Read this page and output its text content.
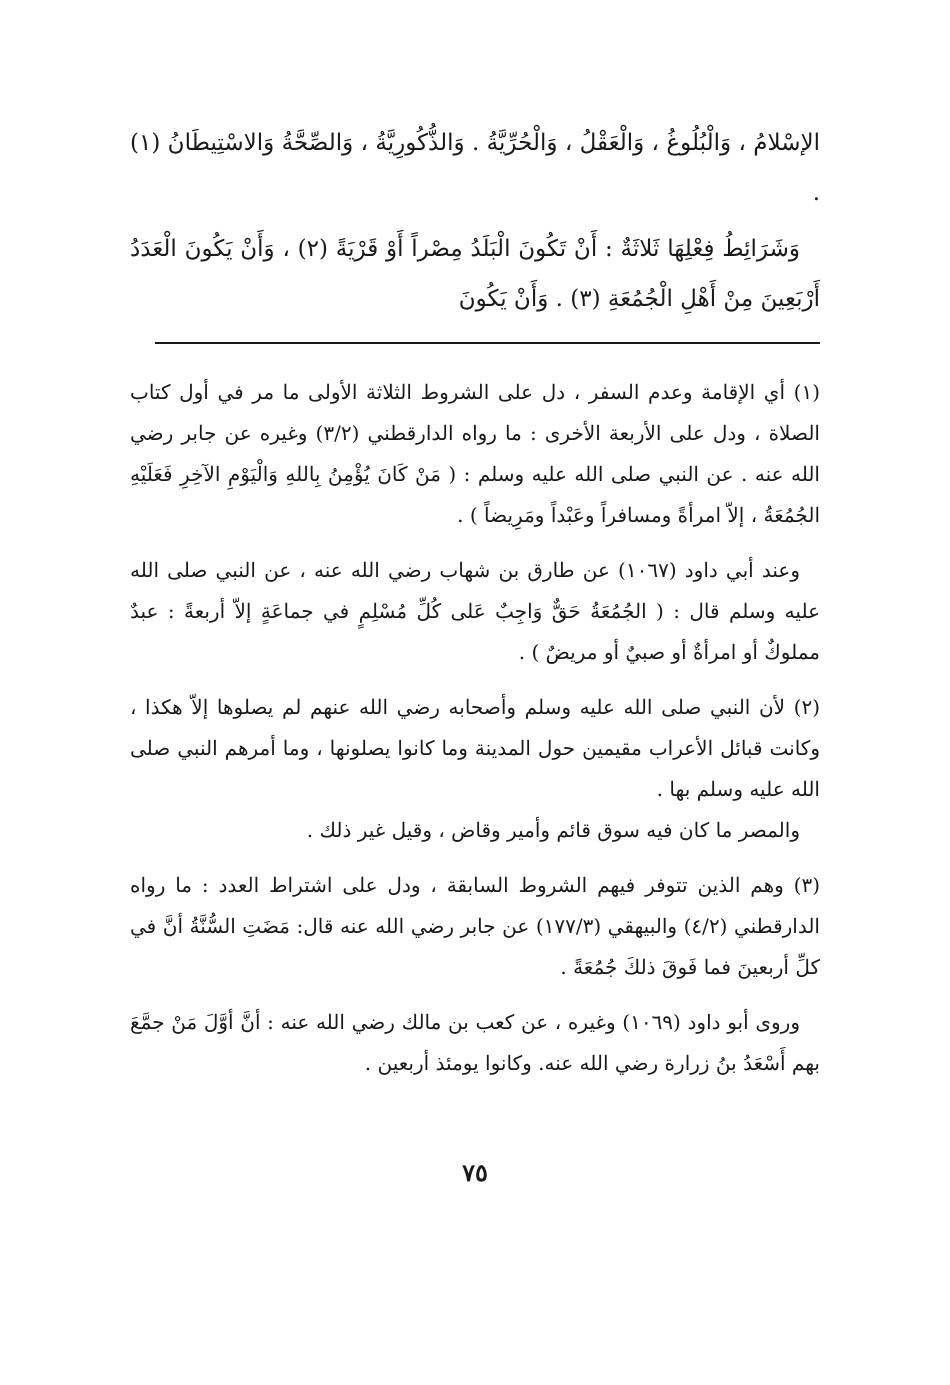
الإسْلامُ ، وَالْبُلُوغُ ، وَالْعَقْلُ ، وَالْحُرِّيَّةُ . وَالذُّكُورِيَّةُ ، وَالصِّحَّةُ وَالاسْتِيطَانُ (١) .

وَشَرَائِطُ فِعْلِهَا ثَلاثَةٌ : أَنْ تَكُونَ الْبَلَدُ مِصْراً أَوْ قَرْيَةً (٢) ، وَأَنْ يَكُونَ الْعَدَدُ أَرْبَعِينَ مِنْ أَهْلِ الْجُمُعَةِ (٣) . وَأَنْ يَكُونَ

(١) أي الإقامة وعدم السفر ، دل على الشروط الثلاثة الأولى ما مر في أول كتاب الصلاة ، ودل على الأربعة الأخرى : ما رواه الدارقطني (٣/٢) وغيره عن جابر رضي الله عنه . عن النبي صلى الله عليه وسلم : ( مَنْ كَانَ يُؤْمِنُ بِاللهِ وَالْيَوْمِ الآخِرِ فَعَلَيْهِ الجُمُعَةُ ، إلاّ امرأةً ومسافراً وعَبْداً ومَرِيضاً ) .

وعند أبي داود (١٠٦٧) عن طارق بن شهاب رضي الله عنه ، عن النبي صلى الله عليه وسلم قال : ( الجُمُعَةُ حَقٌّ وَاجِبٌ عَلى كُلِّ مُسْلِمٍ في جماعَةٍ إلاّ أربعةً : عبدٌ مملوكٌ أو امرأةٌ أو صبيٌ أو مريضٌ ) .

(٢) لأن النبي صلى الله عليه وسلم وأصحابه رضي الله عنهم لم يصلوها إلاّ هكذا ، وكانت قبائل الأعراب مقيمين حول المدينة وما كانوا يصلونها ، وما أمرهم النبي صلى الله عليه وسلم بها .

والمصر ما كان فيه سوق قائم وأمير وقاض ، وقيل غير ذلك .

(٣) وهم الذين تتوفر فيهم الشروط السابقة ، ودل على اشتراط العدد : ما رواه الدارقطني (٤/٢) والبيهقي (١٧٧/٣) عن جابر رضي الله عنه قال: مَضَتِ السُّنَّةُ أنَّ في كلِّ أربعينَ فما فَوقَ ذلكَ جُمُعَةً .

وروى أبو داود (١٠٦٩) وغيره ، عن كعب بن مالك رضي الله عنه : أنَّ أوَّلَ مَنْ جمَّعَ بهم أَسْعَدُ بنُ زرارة رضي الله عنه. وكانوا يومئذ أربعين .

٧٥
